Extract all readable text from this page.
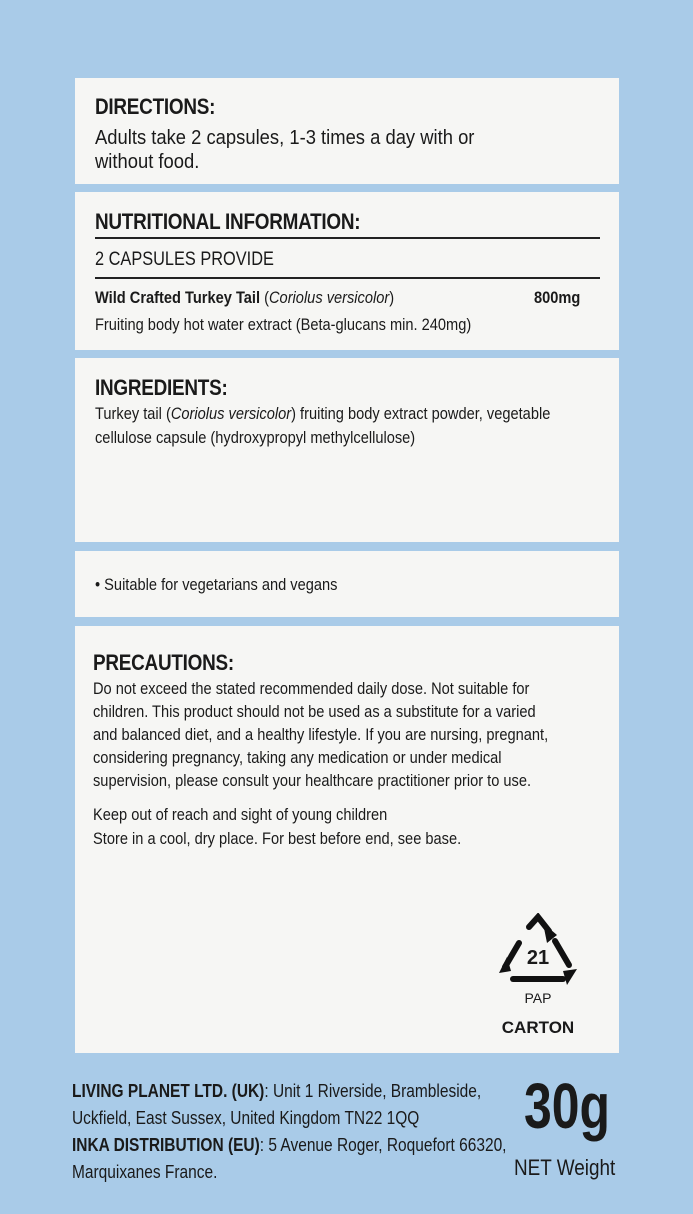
DIRECTIONS:
Adults take 2 capsules, 1-3 times a day with or
without food.
NUTRITIONAL INFORMATION:
2 CAPSULES PROVIDE
Wild Crafted Turkey Tail (Coriolus versicolor)	800mg
Fruiting body hot water extract (Beta-glucans min. 240mg)
INGREDIENTS:
Turkey tail (Coriolus versicolor) fruiting body extract powder, vegetable
cellulose capsule (hydroxypropyl methylcellulose)
• Suitable for vegetarians and vegans
PRECAUTIONS:
Do not exceed the stated recommended daily dose. Not suitable for
children. This product should not be used as a substitute for a varied
and balanced diet, and a healthy lifestyle. If you are nursing, pregnant,
considering pregnancy, taking any medication or under medical
supervision, please consult your healthcare practitioner prior to use.
Keep out of reach and sight of young children
Store in a cool, dry place. For best before end, see base.
21
PAP
CARTON
LIVING PLANET LTD. (UK): Unit 1 Riverside, Brambleside,
Uckfield, East Sussex, United Kingdom TN22 1QQ
INKA DISTRIBUTION (EU): 5 Avenue Roger, Roquefort 66320,
Marquixanes France.
30g
NET Weight
